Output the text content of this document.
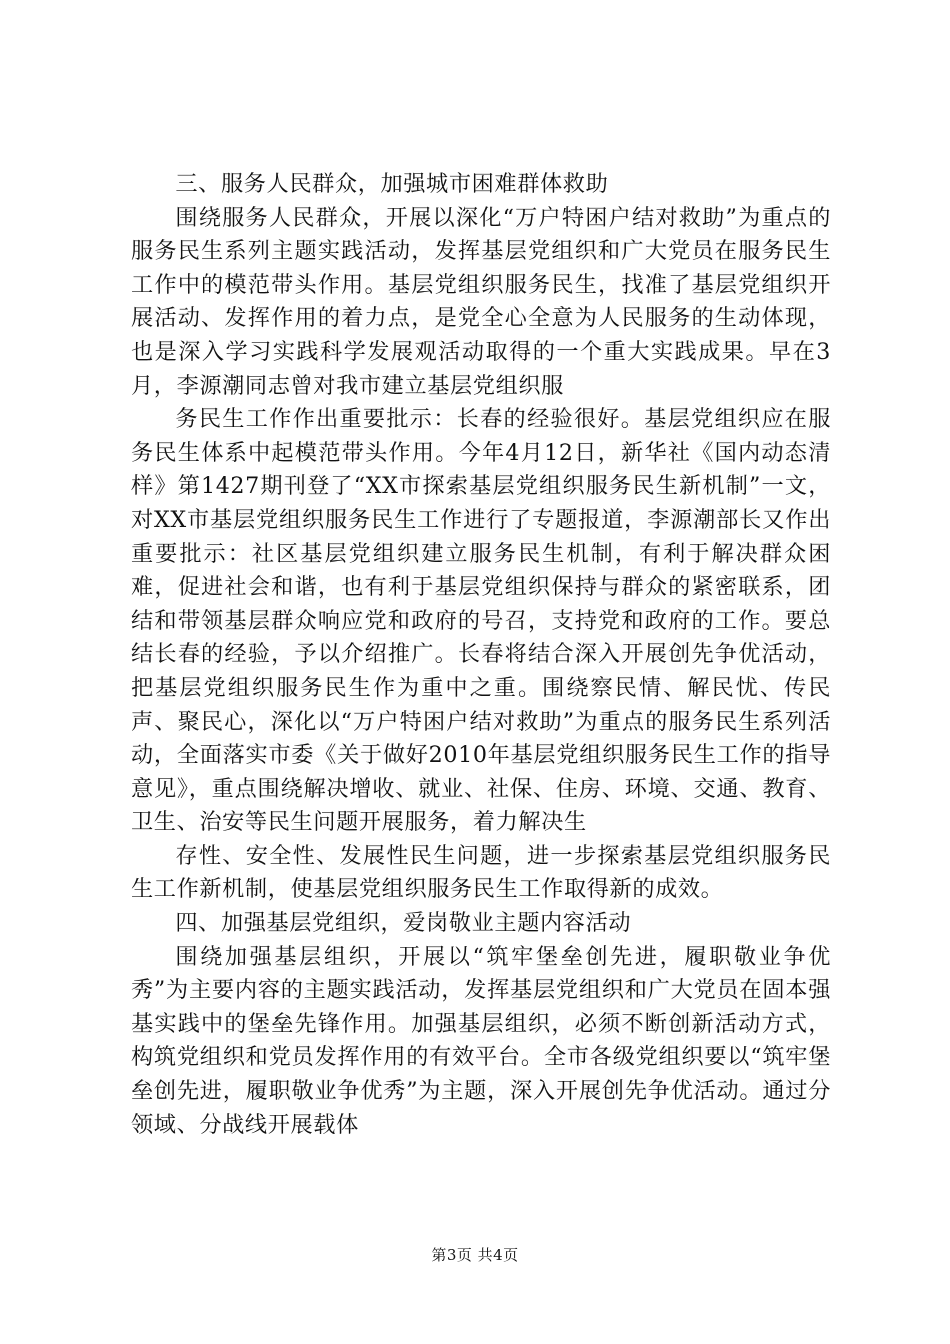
三、服务人民群众，加强城市困难群体救助

围绕服务人民群众，开展以深化“万户特困户结对救助”为重点的服务民生系列主题实践活动，发挥基层党组织和广大党员在服务民生工作中的模范带头作用。基层党组织服务民生，找准了基层党组织开展活动、发挥作用的着力点，是党全心全意为人民服务的生动体现，也是深入学习实践科学发展观活动取得的一个重大实践成果。早在3月，李源潮同志曾对我市建立基层党组织服

务民生工作作出重要批示：长春的经验很好。基层党组织应在服务民生体系中起模范带头作用。今年4月12日，新华社《国内动态清样》第1427期刊登了“XX市探索基层党组织服务民生新机制”一文，对XX市基层党组织服务民生工作进行了专题报道，李源潮部长又作出重要批示：社区基层党组织建立服务民生机制，有利于解决群众困难，促进社会和谐，也有利于基层党组织保持与群众的紧密联系，团结和带领基层群众响应党和政府的号召，支持党和政府的工作。要总结长春的经验，予以介绍推广。长春将结合深入开展创先争优活动，把基层党组织服务民生作为重中之重。围绕察民情、解民忧、传民声、聚民心，深化以“万户特困户结对救助”为重点的服务民生系列活动，全面落实市委《关于做好2010年基层党组织服务民生工作的指导意见》，重点围绕解决增收、就业、社保、住房、环境、交通、教育、卫生、治安等民生问题开展服务，着力解决生

存性、安全性、发展性民生问题，进一步探索基层党组织服务民生工作新机制，使基层党组织服务民生工作取得新的成效。

四、加强基层党组织，爱岗敬业主题内容活动

围绕加强基层组织，开展以“筑牢堡垒创先进，履职敬业争优秀”为主要内容的主题实践活动，发挥基层党组织和广大党员在固本强基实践中的堡垒先锋作用。加强基层组织，必须不断创新活动方式，构筑党组织和党员发挥作用的有效平台。全市各级党组织要以“筑牢堡垒创先进，履职敬业争优秀”为主题，深入开展创先争优活动。通过分领域、分战线开展载体

第3页 共4页
